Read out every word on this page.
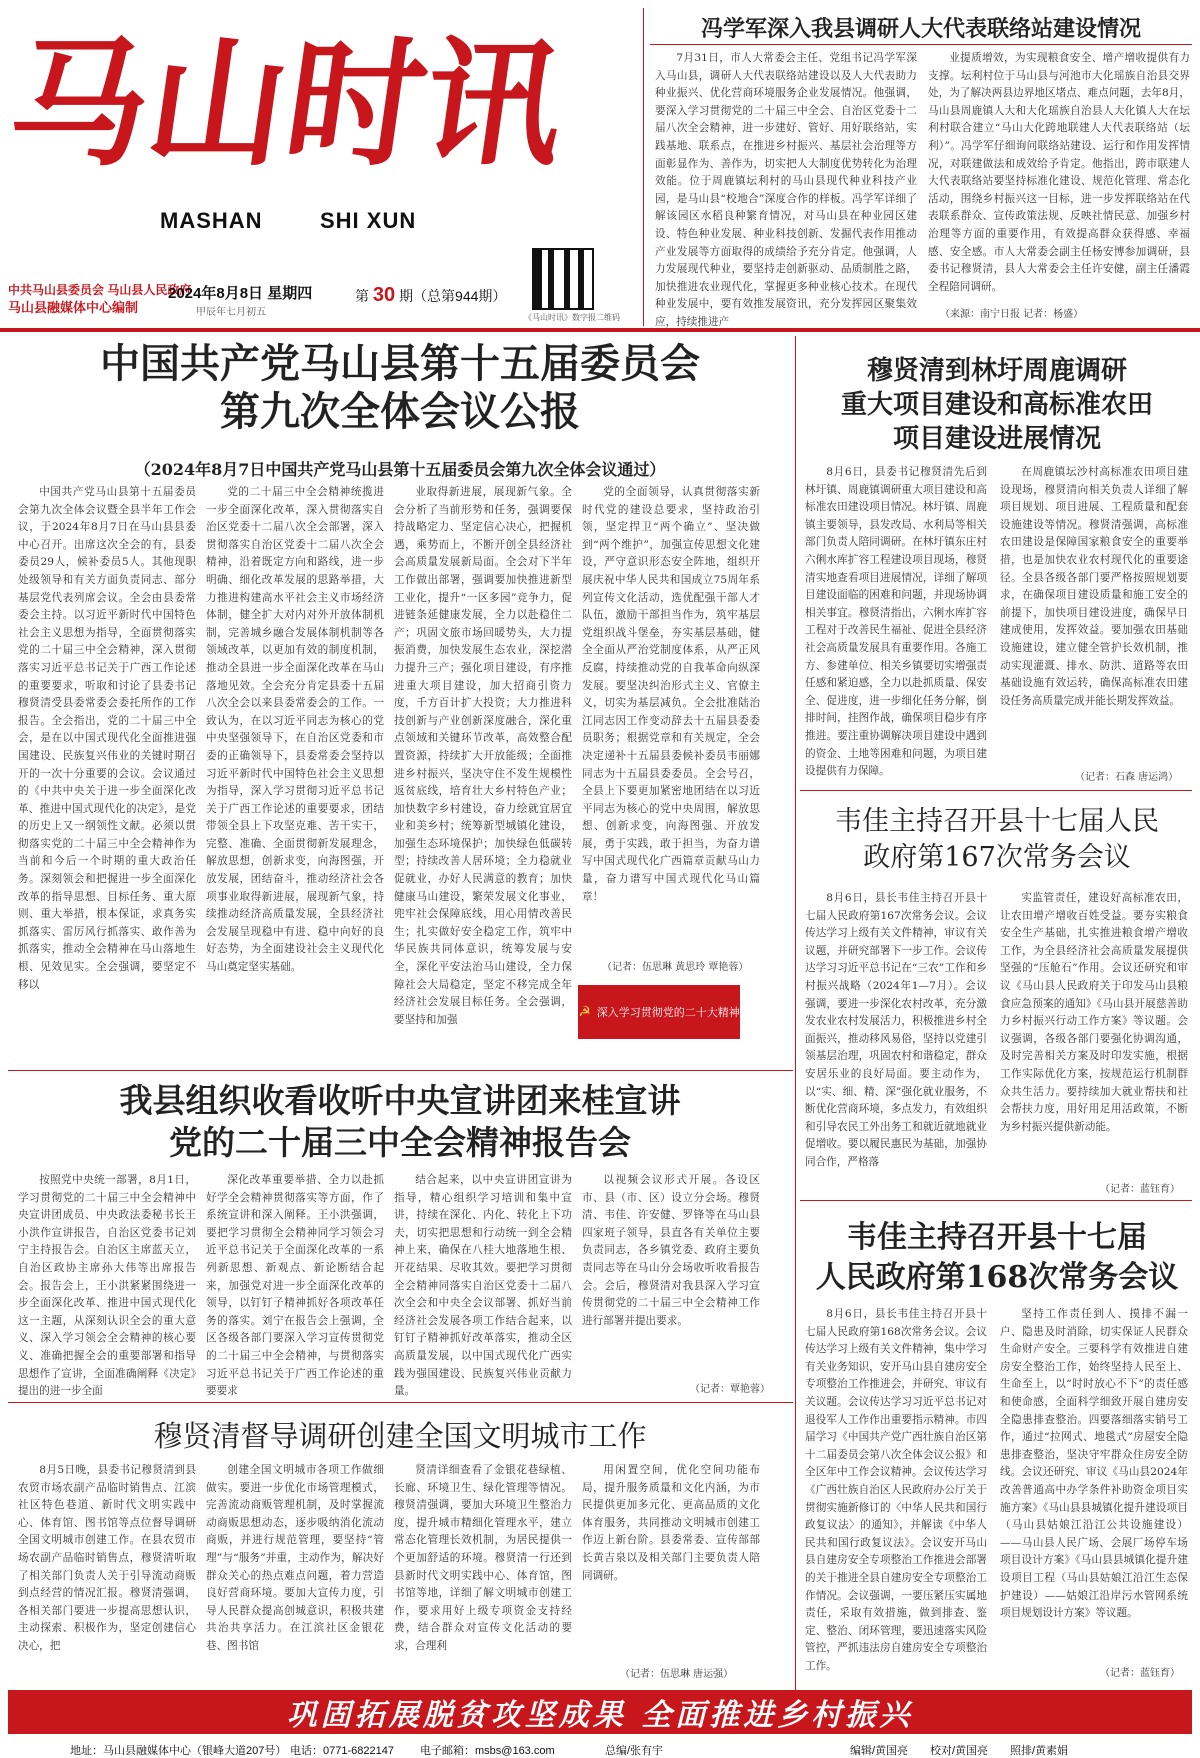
马山时讯
MASHAN	SHI XUN
中共马山县委员会 马山县人民政府
马山县融媒体中心编制
2024年8月8日 星期四
甲辰年七月初五
第 30 期（总第944期）
《马山时讯》数字报二维码
冯学军深入我县调研人大代表联络站建设情况
7月31日，市人大常委会主任、党组书记冯学军深入马山县，调研人大代表联络站建设以及人大代表助力种业振兴、优化营商环境服务企业发展情况。他强调，要深入学习贯彻党的二十届三中全会、自治区党委十二届八次全会精神，进一步建好、管好、用好联络站，实践基地、联系点，在推进乡村振兴、基层社会治理等方面彰显作为、善作为，切实把人大制度优势转化为治理效能。位于周鹿镇坛利村的马山县现代种业科技产业园，是马山县“校地合”深度合作的样板。冯学军详细了解该园区水稻良种繁育情况，对马山县在种业园区建设、特色种业发展、种业科技创新、发掘代表作用推动产业发展等方面取得的成绩给予充分肯定。他强调，人力发展现代种业，要坚持走创新驱动、品质制胜之路，加快推进农业现代化，掌握更多种业核心技术。在现代种业发展中，要有效推发展资讯，充分发挥园区聚集效应，持续推进产
业提质增效，为实现粮食安全、增产增收提供有力支撑。坛利村位于马山县与河池市大化瑶族自治县交界处，为了解决两县边界地区堵点、难点问题，去年8月，马山县周鹿镇人大和大化瑶族自治县人大化镇人大在坛利村联合建立“马山大化跨地联建人大代表联络站（坛利）”。冯学军仔细询问联络站建设、运行和作用发挥情况，对联建做法和成效给予肯定。他指出，跨市联建人大代表联络站要坚持标准化建设、规范化管理、常态化活动，围绕乡村振兴这一目标，进一步发挥联络站在代表联系群众、宣传政策法规、反映社情民意、加强乡村治理等方面的重要作用，有效提高群众获得感、幸福感、安全感。市人大常委会副主任杨安博参加调研，县委书记穆贤清，县人大常委会主任许安健，副主任潘霞全程陪同调研。
（来源：南宁日报 记者：杨盛）
中国共产党马山县第十五届委员会
第九次全体会议公报
（2024年8月7日中国共产党马山县第十五届委员会第九次全体会议通过）
中国共产党马山县第十五届委员会第九次全体会议暨全县半年工作会议，于2024年8月7日在马山县县委中心召开。出席这次全会的有，县委委员29人，候补委员5人。其他现职处级领导和有关方面负责同志、部分基层党代表列席会议。全会由县委常委会主持。以习近平新时代中国特色社会主义思想为指导，全面贯彻落实党的二十届三中全会精神，深入贯彻落实习近平总书记关于广西工作论述的重要要求，听取和讨论了县委书记穆贤清受县委常委会委托所作的工作报告。全会指出，党的二十届三中全会，是在以中国式现代化全面推进强国建设、民族复兴伟业的关键时期召开的一次十分重要的会议。会议通过的《中共中央关于进一步全面深化改革、推进中国式现代化的决定》，是党的历史上又一纲领性文献。必须以贯彻落实党的二十届三中全会精神作为当前和今后一个时期的重大政治任务。深刻领会和把握进一步全面深化改革的指导思想、目标任务、重大原则、重大举措，根本保证，求真务实抓落实、雷厉风行抓落实、敢作善为抓落实，推动全会精神在马山落地生根、见效见实。全会强调，要坚定不移以
党的二十届三中全会精神统揽进一步全面深化改革，深入贯彻落实自治区党委十二届八次全会部署，深入贯彻落实自治区党委十二届八次全会精神，沿着既定方向和路线，进一步明确、细化改革发展的思路举措，大力推进构建高水平社会主义市场经济体制，健全扩大对内对外开放体制机制，完善城乡融合发展体制机制等各领域改革，以更加有效的制度机制，推动全县进一步全面深化改革在马山落地见效。全会充分肯定县委十五届八次全会以来县委常委会的工作。一致认为，在以习近平同志为核心的党中央坚强领导下，在自治区党委和市委的正确领导下，县委常委会坚持以习近平新时代中国特色社会主义思想为指导，深入学习贯彻习近平总书记关于广西工作论述的重要要求，团结带领全县上下攻坚克难、苦干实干，完整、准确、全面贯彻新发展理念，解放思想，创新求变，向海图强，开放发展，团结奋斗，推动经济社会各项事业取得新进展，展现新气象，持续推动经济高质量发展，全县经济社会发展呈现稳中有进、稳中向好的良好态势，为全面建设社会主义现代化马山奠定坚实基础。
业取得新进展，展现新气象。全会分析了当前形势和任务，强调要保持战略定力、坚定信心决心，把握机遇，乘势而上，不断开创全县经济社会高质量发展新局面。全会对下半年工作做出部署，强调要加快推进新型工业化，提升“一区多园”竞争力，促进链条延健康发展，全力以赴稳住二产；巩固文旅市场回暖势头，大力提振消费，加快发展生态农业，深挖潜力提升三产；强化项目建设，有序推进重大项目建设，加大招商引资力度，千方百计扩大投资；大力推进科技创新与产业创新深度融合，深化重点领域和关键环节改革，高效整合配置资源，持续扩大开放能级；全面推进乡村振兴，坚决守住不发生规模性返贫底线，培育壮大乡村特色产业；加快数字乡村建设，奋力绘就宜居宜业和美乡村；统筹新型城镇化建设，加强生态环境保护；加快绿色低碳转型；持续改善人居环境；全力稳就业促就业，办好人民满意的教育；加快健康马山建设，繁荣发展文化事业，兜牢社会保障底线，用心用情改善民生；扎实做好安全稳定工作，筑牢中华民族共同体意识，统筹发展与安全，深化平安法治马山建设，全力保障社会大局稳定，坚定不移完成全年经济社会发展目标任务。全会强调，要坚持和加强
党的全面领导，认真贯彻落实新时代党的建设总要求，坚持政治引领，坚定捍卫“两个确立”、坚决做到“两个维护”，加强宣传思想文化建设，严守意识形态安全阵地，组织开展庆祝中华人民共和国成立75周年系列宣传文化活动，选优配强干部人才队伍，激励干部担当作为，筑牢基层党组织战斗堡垒，夯实基层基础，健全全面从严治党制度体系，从严正风反腐，持续推动党的自我革命向纵深发展。要坚决纠治形式主义、官僚主义，切实为基层减负。全会批准陆治江同志因工作变动辞去十五届县委委员职务；根据党章和有关规定，全会决定递补十五届县委候补委员韦丽娜同志为十五届县委委员。全会号召，全县上下要更加紧密地团结在以习近平同志为核心的党中央周围，解放思想、创新求变，向海图强、开放发展，勇于实践，敢于担当，为奋力谱写中国式现代化广西篇章贡献马山力量，奋力谱写中国式现代化马山篇章！
（记者：伍思琳 黄思玲 覃艳蓉）
☭ 深入学习贯彻党的二十大精神
穆贤清到林圩周鹿调研
重大项目建设和高标准农田
项目建设进展情况
8月6日，县委书记穆贤清先后到林圩镇、周鹿镇调研重大项目建设和高标准农田建设项目情况。林圩镇、周鹿镇主要领导，县发改局、水利局等相关部门负责人陪同调研。在林圩镇东庄村六俐水库扩容工程建设项目现场，穆贤清实地查看项目进展情况，详细了解项目建设面临的困难和问题，并现场协调相关事宜。穆贤清指出，六俐水库扩容工程对于改善民生福祉、促进全县经济社会高质量发展具有重要作用。各施工方、参建单位、相关乡镇要切实增强责任感和紧迫感，全力以赴抓质量、保安全、促进度，进一步细化任务分解，倒排时间，挂图作战，确保项目稳步有序推进。要注重协调解决项目建设中遇到的资金、土地等困难和问题，为项目建设提供有力保障。
在周鹿镇坛沙村高标准农田项目建设现场，穆贤清向相关负责人详细了解项目规划、项目进展、工程质量和配套设施建设等情况。穆贤清强调，高标准农田建设是保障国家粮食安全的重要举措，也是加快农业农村现代化的重要途径。全县各级各部门要严格按照规划要求，在确保项目建设质量和施工安全的前提下，加快项目建设进度，确保早日建成使用，发挥效益。要加强农田基础设施建设，建立健全管护长效机制，推动实现灌溉、排水、防洪、道路等农田基础设施有效运转，确保高标准农田建设任务高质量完成并能长期发挥效益。
（记者：石森 唐运鸿）
韦佳主持召开县十七届人民
政府第167次常务会议
8月6日，县长韦佳主持召开县十七届人民政府第167次常务会议。会议传达学习上级有关文件精神，审议有关议题，并研究部署下一步工作。会议传达学习习近平总书记在“三农”工作和乡村振兴战略（2024年1—7月）。会议强调，要进一步深化农村改革，充分激发农业农村发展活力，积极推进乡村全面振兴，推动移风易俗，坚持以党建引领基层治理，巩固农村和谐稳定，群众安居乐业的良好局面。要主动作为，以“实、细、精、深”强化就业服务，不断优化营商环境，多点发力，有效组织和引导农民工外出务工和就近就地就业促增收。要以履民惠民为基础，加强协同合作，严格落
实监管责任，建设好高标准农田，让农田增产增收百姓受益。要夯实粮食安全生产基础，扎实推进粮食增产增收工作，为全县经济社会高质量发展提供坚强的“压舱石”作用。会议还研究和审议《马山县人民政府关于印发马山县粮食应急预案的通知》《马山县开展慈善助力乡村振兴行动工作方案》等议题。会议强调，各级各部门要强化协调沟通，及时完善相关方案及时印发实施，根据工作实际优化方案，按规范运行机制群众共生活力。要持续加大就业帮扶和社会帮扶力度，用好用足用活政策，不断为乡村振兴提供新动能。
（记者：蓝钰育）
我县组织收看收听中央宣讲团来桂宣讲
党的二十届三中全会精神报告会
按照党中央统一部署，8月1日，学习贯彻党的二十届三中全会精神中央宣讲团成员、中央政法委秘书长王小洪作宣讲报告，自治区党委书记刘宁主持报告会。自治区主席蓝天立，自治区政协主席孙大伟等出席报告会。报告会上，王小洪紧紧围绕进一步全面深化改革、推进中国式现代化这一主题，从深刻认识全会的重大意义、深入学习领会全会精神的核心要义、准确把握全会的重要部署和指导思想作了宣讲，全面准确阐释《决定》提出的进一步全面
深化改革重要举措、全力以赴抓好学全会精神贯彻落实等方面，作了系统宣讲和深入阐释。王小洪强调，要把学习贯彻全会精神同学习领会习近平总书记关于全面深化改革的一系列新思想、新观点、新论断结合起来，加强党对进一步全面深化改革的领导，以钉钉子精神抓好各项改革任务的落实。刘宁在报告会上强调，全区各级各部门要深入学习宣传贯彻党的二十届三中全会精神，与贯彻落实习近平总书记关于广西工作论述的重要要求
结合起来，以中央宣讲团宣讲为指导，精心组织学习培训和集中宣讲，持续在深化、内化、转化上下功夫，切实把思想和行动统一到全会精神上来，确保在八桂大地落地生根、开花结果、尽收其效。要把学习贯彻全会精神同落实自治区党委十二届八次全会和中央全会议部署、抓好当前经济社会发展各项工作结合起来，以钉钉子精神抓好改革落实，推动全区高质量发展，以中国式现代化广西实践为强国建设、民族复兴伟业贡献力量。
以视频会议形式开展。各设区市、县（市、区）设立分会场。穆贤清、韦佳、许安健、罗锋等在马山县四家班子领导，县直各有关单位主要负责同志，各乡镇党委、政府主要负责同志等在马山分会场收听收看报告会。会后，穆贤清对我县深入学习宣传贯彻党的二十届三中全会精神工作进行部署并提出要求。
（记者：覃艳蓉）
穆贤清督导调研创建全国文明城市工作
8月5日晚，县委书记穆贤清到县农贸市场农副产品临时销售点、江滨社区特色巷道、新时代文明实践中心、体育馆、图书馆等点位督导调研全国文明城市创建工作。在县农贸市场农副产品临时销售点，穆贤清听取了相关部门负责人关于引导流动商贩到点经营的情况汇报。穆贤清强调，各相关部门要进一步提高思想认识，主动探索、积极作为，坚定创建信心决心，把
创建全国文明城市各项工作做细做实。要进一步优化市场管理模式，完善流动商贩管理机制，及时掌握流动商贩思想动态，逐步吸纳消化流动商贩，并进行规范管理，要坚持“管理”与“服务”并重，主动作为，解决好群众关心的热点难点问题，着力营造良好营商环境。要加大宣传力度，引导人民群众提高创城意识，积极共建共治共享活力。在江滨社区金银花巷、图书馆
贤清详细查看了金银花巷绿植、长廊、环境卫生、绿化管理等情况。穆贤清强调，要加大环境卫生整治力度，提升城市精细化管理水平，建立常态化管理长效机制，为居民提供一个更加舒适的环境。穆贤清一行还到县新时代文明实践中心、体育馆，图书馆等地，详细了解文明城市创建工作，要求用好上级专项资金支持经费，结合群众对宣传文化活动的要求，合理利
用闲置空间，优化空间功能布局，提升服务质量和文化内涵，为市民提供更加多元化、更高品质的文化体育服务，共同推动文明城市创建工作迈上新台阶。县委常委、宣传部部长黄吉泉以及相关部门主要负责人陪同调研。
（记者：伍思琳 唐运强）
韦佳主持召开县十七届
人民政府第168次常务会议
8月6日，县长韦佳主持召开县十七届人民政府第168次常务会议。会议传达学习上级有关文件精神，集中学习有关业务知识，安开马山县自建房安全专项整治工作推进会，并研究、审议有关议题。会议传达学习习近平总书记对退役军人工作作出重要指示精神。市四届学习《中国共产党广西壮族自治区第十二届委员会第八次全体会议公报》和全区年中工作会议精神。会议传达学习《广西壮族自治区人民政府办公厅关于贯彻实施新修订的〈中华人民共和国行政复议法〉的通知》，并解读《中华人民共和国行政复议法》。会议安开马山县自建房安全专项整治工作推进会部署的关于推进全县自建房安全专项整治工作情况。会议强调，一要压紧压实属地责任，采取有效措施，做到排查、鉴定、整治、闭环管理，要迅速落实风险管控，严抓违法房自建房安全专项整治工作。
坚持工作责任到人、摸排不漏一户、隐患及时消除，切实保证人民群众生命财产安全。三要科学有效推进自建房安全整治工作，始终坚持人民至上、生命至上，以“时时放心不下”的责任感和使命感，全面科学细致开展自建房安全隐患排查整治。四要落细落实销号工作，通过“拉网式、地毯式”房屋安全隐患排查整治，坚决守牢群众住房安全防线。会议还研究、审议《马山县2024年改善普通高中办学条件补助资金项目实施方案》《马山县县城镇化提升建设项目（马山县姑娘江沿江公共设施建设）——马山县人民广场、会展厂场停车场项目设计方案》《马山县县城镇化提升建设项目工程（马山县姑娘江沿江生态保护建设）——姑娘江沿岸污水管网系统项目规划设计方案》等议题。
（记者：蓝钰育）
巩固拓展脱贫攻坚成果 全面推进乡村振兴
地址：马山县融媒体中心（银峰大道207号） 电话：0771-6822147 电子邮箱：msbs@163.com	总编/张有宇	编辑/黄国亮 校对/黄国亮 照排/黄素娟
